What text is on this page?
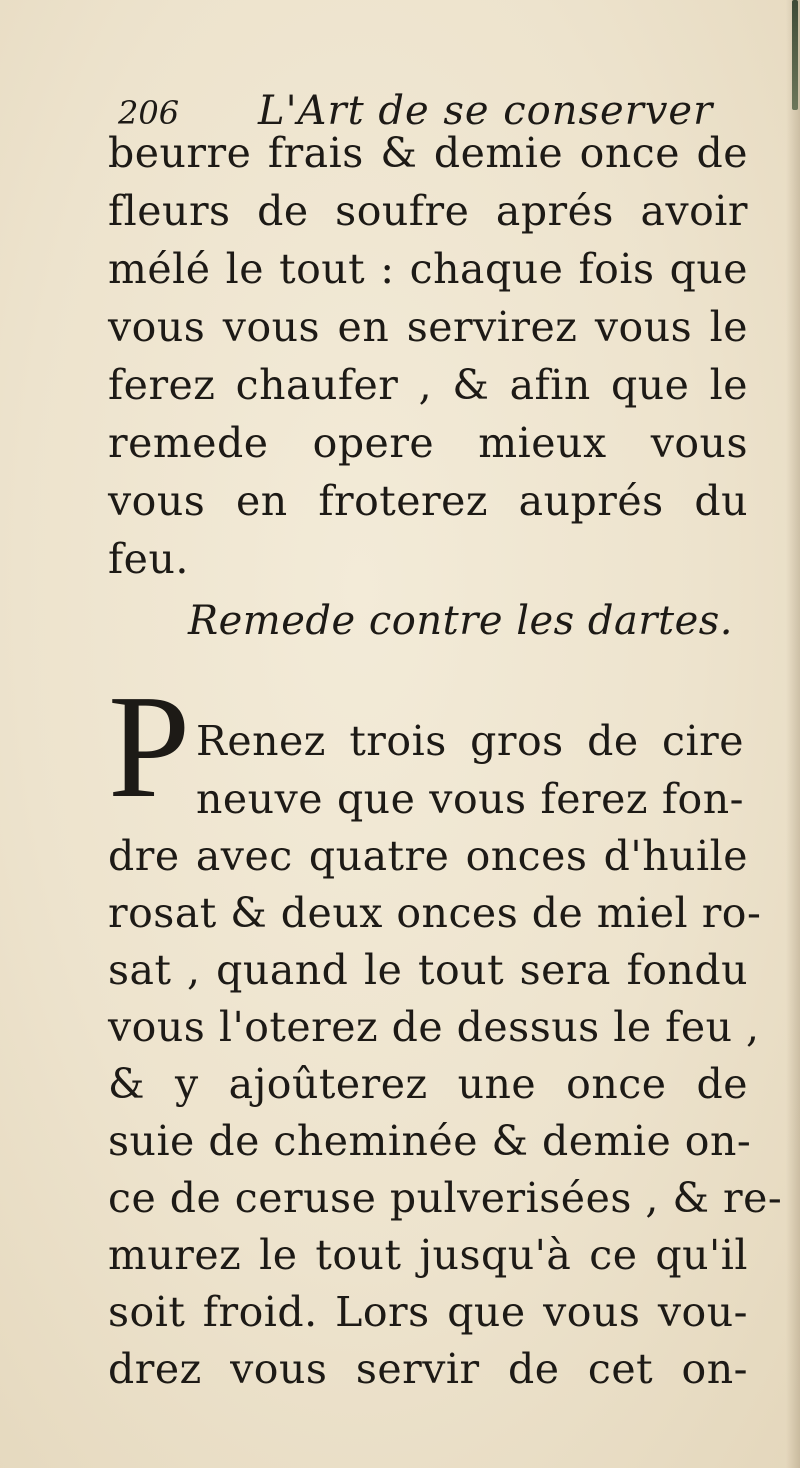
206 L'Art de se conserver
beurre frais & demie once de
fleurs de soufre aprés avoir
mélé le tout : chaque fois que
vous vous en servirez vous le
ferez chaufer , & afin que le
remede opere mieux vous
vous en froterez auprés du
feu.
Remede contre les dartes.
P Renez trois gros de cire
neuve que vous ferez fon-
dre avec quatre onces d'huile
rosat & deux onces de miel ro-
sat , quand le tout sera fondu
vous l'oterez de dessus le feu ,
& y ajoûterez une once de
suie de cheminée & demie on-
ce de ceruse pulverisées , & re-
murez le tout jusqu'à ce qu'il
soit froid. Lors que vous vou-
drez vous servir de cet on-
